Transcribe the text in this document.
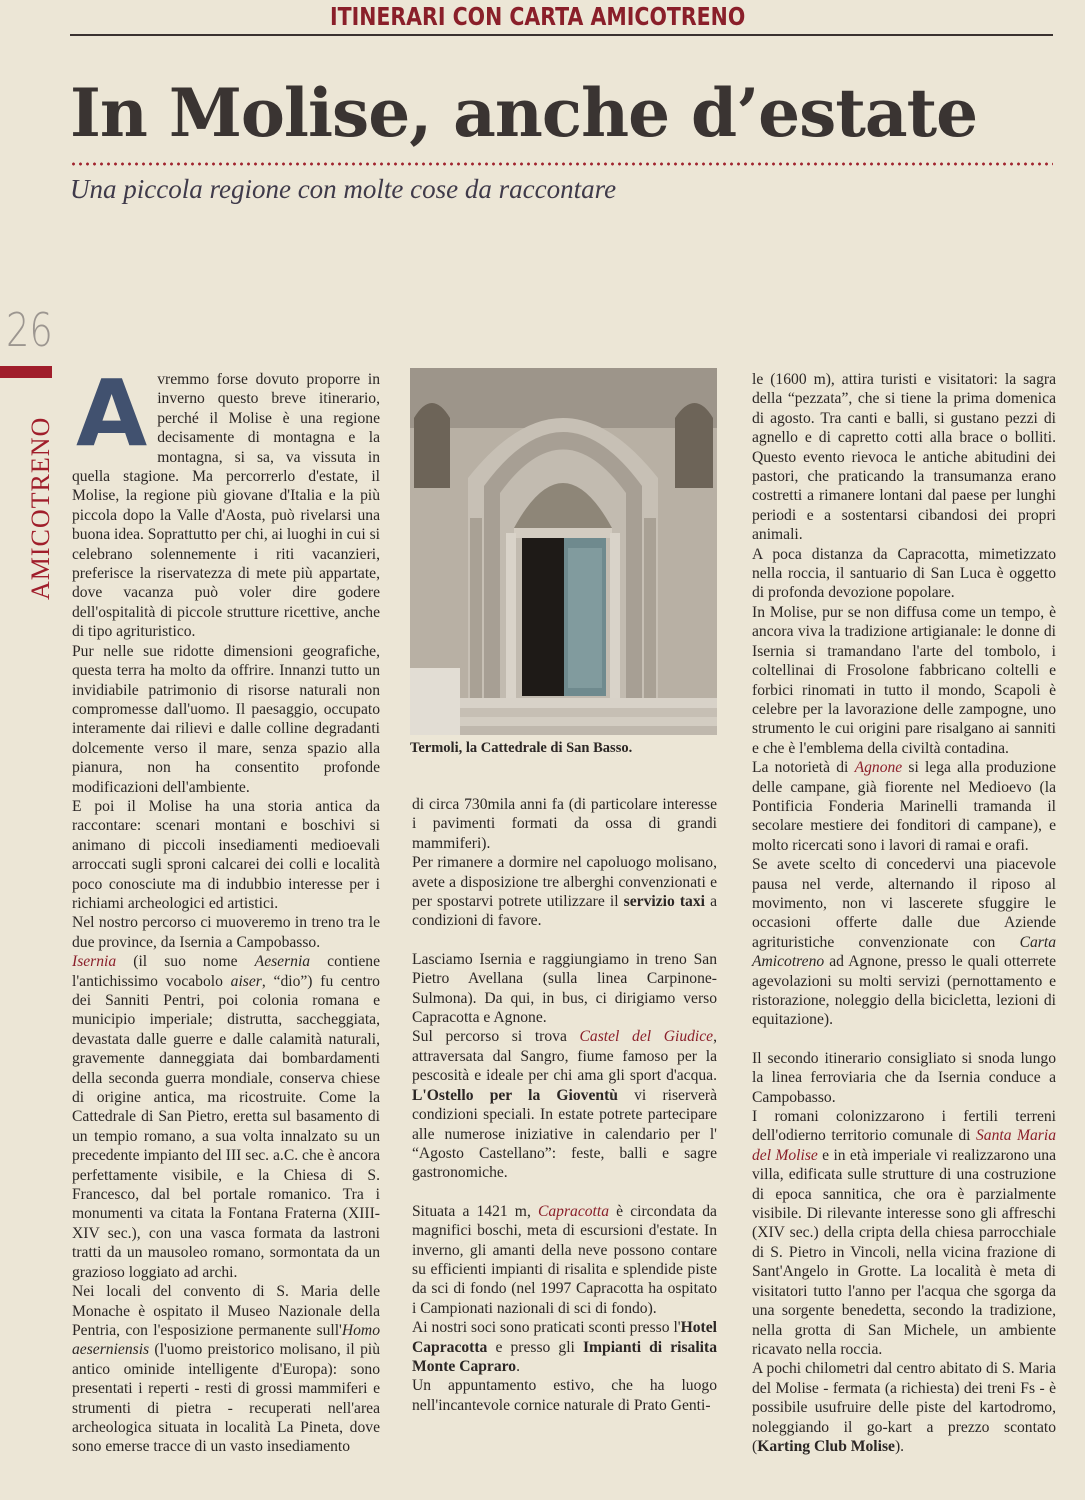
ITINERARI CON CARTA AMICOTRENO
In Molise, anche d’estate
Una piccola regione con molte cose da raccontare
26
AMICOTRENO
A vremmo forse dovuto proporre in inverno questo breve itinerario, perché il Molise è una regione decisamente di montagna e la montagna, si sa, va vissuta in quella stagione. Ma percorrerlo d'estate, il Molise, la regione più giovane d'Italia e la più piccola dopo la Valle d'Aosta, può rivelarsi una buona idea. Soprattutto per chi, ai luoghi in cui si celebrano solennemente i riti vacanzieri, preferisce la riservatezza di mete più appartate, dove vacanza può voler dire godere dell'ospitalità di piccole strutture ricettive, anche di tipo agrituristico.

Pur nelle sue ridotte dimensioni geografiche, questa terra ha molto da offrire. Innanzi tutto un invidiabile patrimonio di risorse naturali non compromesse dall'uomo. Il paesaggio, occupato interamente dai rilievi e dalle colline degradanti dolcemente verso il mare, senza spazio alla pianura, non ha consentito profonde modificazioni dell'ambiente.

E poi il Molise ha una storia antica da raccontare: scenari montani e boschivi si animano di piccoli insediamenti medioevali arroccati sugli sproni calcarei dei colli e località poco conosciute ma di indubbio interesse per i richiami archeologici ed artistici.

Nel nostro percorso ci muoveremo in treno tra le due province, da Isernia a Campobasso.

Isernia (il suo nome Aesernia contiene l'antichissimo vocabolo aiser, “dio”) fu centro dei Sanniti Pentri, poi colonia romana e municipio imperiale; distrutta, saccheggiata, devastata dalle guerre e dalle calamità naturali, gravemente danneggiata dai bombardamenti della seconda guerra mondiale, conserva chiese di origine antica, ma ricostruite. Come la Cattedrale di San Pietro, eretta sul basamento di un tempio romano, a sua volta innalzato su un precedente impianto del III sec. a.C. che è ancora perfettamente visibile, e la Chiesa di S. Francesco, dal bel portale romanico. Tra i monumenti va citata la Fontana Fraterna (XIII-XIV sec.), con una vasca formata da lastroni tratti da un mausoleo romano, sormontata da un grazioso loggiato ad archi.

Nei locali del convento di S. Maria delle Monache è ospitato il Museo Nazionale della Pentria, con l'esposizione permanente sull'Homo aeserniensis (l'uomo preistorico molisano, il più antico ominide intelligente d'Europa): sono presentati i reperti - resti di grossi mammiferi e strumenti di pietra - recuperati nell'area archeologica situata in località La Pineta, dove sono emerse tracce di un vasto insediamento

Termoli, la Cattedrale di San Basso.

di circa 730mila anni fa (di particolare interesse i pavimenti formati da ossa di grandi mammiferi).

Per rimanere a dormire nel capoluogo molisano, avete a disposizione tre alberghi convenzionati e per spostarvi potrete utilizzare il servizio taxi a condizioni di favore.

Lasciamo Isernia e raggiungiamo in treno San Pietro Avellana (sulla linea Carpinone-Sulmona). Da qui, in bus, ci dirigiamo verso Capracotta e Agnone.

Sul percorso si trova Castel del Giudice, attraversata dal Sangro, fiume famoso per la pescosità e ideale per chi ama gli sport d'acqua. L'Ostello per la Gioventù vi riserverà condizioni speciali. In estate potrete partecipare alle numerose iniziative in calendario per l' “Agosto Castellano”: feste, balli e sagre gastronomiche.

Situata a 1421 m, Capracotta è circondata da magnifici boschi, meta di escursioni d'estate. In inverno, gli amanti della neve possono contare su efficienti impianti di risalita e splendide piste da sci di fondo (nel 1997 Capracotta ha ospitato i Campionati nazionali di sci di fondo).

Ai nostri soci sono praticati sconti presso l'Hotel Capracotta e presso gli Impianti di risalita Monte Capraro.

Un appuntamento estivo, che ha luogo nell'incantevole cornice naturale di Prato Genti-

le (1600 m), attira turisti e visitatori: la sagra della “pezzata”, che si tiene la prima domenica di agosto. Tra canti e balli, si gustano pezzi di agnello e di capretto cotti alla brace o bolliti. Questo evento rievoca le antiche abitudini dei pastori, che praticando la transumanza erano costretti a rimanere lontani dal paese per lunghi periodi e a sostentarsi cibandosi dei propri animali.

A poca distanza da Capracotta, mimetizzato nella roccia, il santuario di San Luca è oggetto di profonda devozione popolare.

In Molise, pur se non diffusa come un tempo, è ancora viva la tradizione artigianale: le donne di Isernia si tramandano l'arte del tombolo, i coltellinai di Frosolone fabbricano coltelli e forbici rinomati in tutto il mondo, Scapoli è celebre per la lavorazione delle zampogne, uno strumento le cui origini pare risalgano ai sanniti e che è l'emblema della civiltà contadina.

La notorietà di Agnone si lega alla produzione delle campane, già fiorente nel Medioevo (la Pontificia Fonderia Marinelli tramanda il secolare mestiere dei fonditori di campane), e molto ricercati sono i lavori di ramai e orafi.

Se avete scelto di concedervi una piacevole pausa nel verde, alternando il riposo al movimento, non vi lascerete sfuggire le occasioni offerte dalle due Aziende agrituristiche convenzionate con Carta Amicotreno ad Agnone, presso le quali otterrete agevolazioni su molti servizi (pernottamento e ristorazione, noleggio della bicicletta, lezioni di equitazione).

Il secondo itinerario consigliato si snoda lungo la linea ferroviaria che da Isernia conduce a Campobasso.

I romani colonizzarono i fertili terreni dell'odierno territorio comunale di Santa Maria del Molise e in età imperiale vi realizzarono una villa, edificata sulle strutture di una costruzione di epoca sannitica, che ora è parzialmente visibile. Di rilevante interesse sono gli affreschi (XIV sec.) della cripta della chiesa parrocchiale di S. Pietro in Vincoli, nella vicina frazione di Sant'Angelo in Grotte. La località è meta di visitatori tutto l'anno per l'acqua che sgorga da una sorgente benedetta, secondo la tradizione, nella grotta di San Michele, un ambiente ricavato nella roccia.

A pochi chilometri dal centro abitato di S. Maria del Molise - fermata (a richiesta) dei treni Fs - è possibile usufruire delle piste del kartodromo, noleggiando il go-kart a prezzo scontato (Karting Club Molise).
